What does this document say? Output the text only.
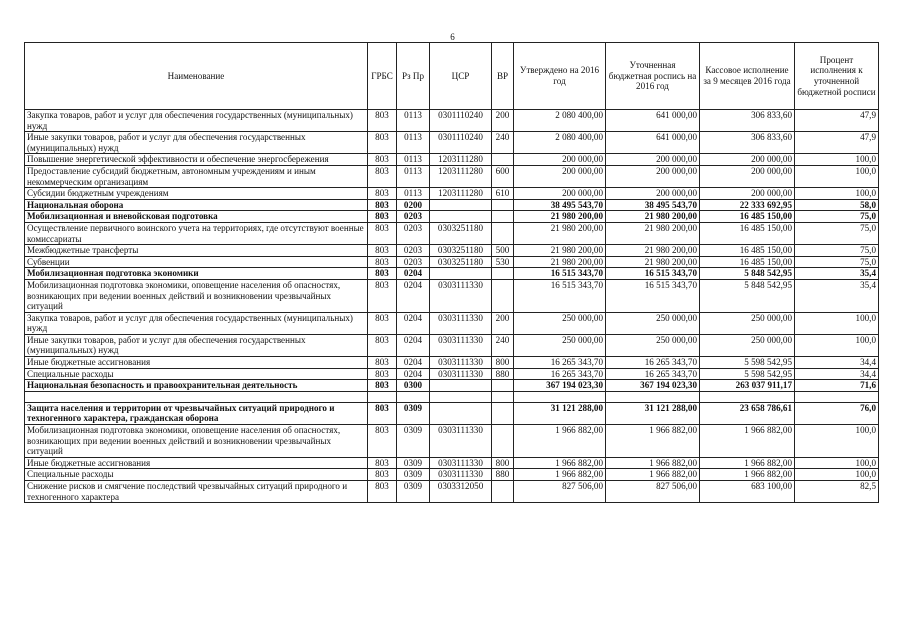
6
Наименование	ГРБС	Рз Пр	ЦСР	ВР	Утверждено на 2016 год	Уточненная бюджетная роспись на 2016 год	Кассовое исполнение за 9 месяцев 2016 года	Процент исполнения к уточненной бюджетной росписи
Закупка товаров, работ и услуг для обеспечения государственных (муниципальных) нужд	803	0113	0301110240	200	2 080 400,00	641 000,00	306 833,60	47,9
Иные закупки товаров, работ и услуг для обеспечения государственных (муниципальных) нужд	803	0113	0301110240	240	2 080 400,00	641 000,00	306 833,60	47,9
Повышение энергетической эффективности и обеспечение энергосбережения	803	0113	1203111280		200 000,00	200 000,00	200 000,00	100,0
Предоставление субсидий бюджетным, автономным учреждениям и иным некоммерческим организациям	803	0113	1203111280	600	200 000,00	200 000,00	200 000,00	100,0
Субсидии бюджетным учреждениям	803	0113	1203111280	610	200 000,00	200 000,00	200 000,00	100,0
Национальная оборона	803	0200			38 495 543,70	38 495 543,70	22 333 692,95	58,0
Мобилизационная и вневойсковая подготовка	803	0203			21 980 200,00	21 980 200,00	16 485 150,00	75,0
Осуществление первичного воинского учета на территориях, где отсутствуют военные комиссариаты	803	0203	0303251180		21 980 200,00	21 980 200,00	16 485 150,00	75,0
Межбюджетные трансферты	803	0203	0303251180	500	21 980 200,00	21 980 200,00	16 485 150,00	75,0
Субвенции	803	0203	0303251180	530	21 980 200,00	21 980 200,00	16 485 150,00	75,0
Мобилизационная подготовка экономики	803	0204			16 515 343,70	16 515 343,70	5 848 542,95	35,4
Мобилизационная подготовка экономики, оповещение населения об опасностях, возникающих при ведении военных действий и возникновении чрезвычайных ситуаций	803	0204	0303111330		16 515 343,70	16 515 343,70	5 848 542,95	35,4
Закупка товаров, работ и услуг для обеспечения государственных (муниципальных) нужд	803	0204	0303111330	200	250 000,00	250 000,00	250 000,00	100,0
Иные закупки товаров, работ и услуг для обеспечения государственных (муниципальных) нужд	803	0204	0303111330	240	250 000,00	250 000,00	250 000,00	100,0
Иные бюджетные ассигнования	803	0204	0303111330	800	16 265 343,70	16 265 343,70	5 598 542,95	34,4
Специальные расходы	803	0204	0303111330	880	16 265 343,70	16 265 343,70	5 598 542,95	34,4
Национальная безопасность и правоохранительная деятельность	803	0300			367 194 023,30	367 194 023,30	263 037 911,17	71,6

Защита населения и территории от чрезвычайных ситуаций природного и техногенного характера, гражданская оборона	803	0309			31 121 288,00	31 121 288,00	23 658 786,61	76,0
Мобилизационная подготовка экономики, оповещение населения об опасностях, возникающих при ведении военных действий и возникновении чрезвычайных ситуаций	803	0309	0303111330		1 966 882,00	1 966 882,00	1 966 882,00	100,0
Иные бюджетные ассигнования	803	0309	0303111330	800	1 966 882,00	1 966 882,00	1 966 882,00	100,0
Специальные расходы	803	0309	0303111330	880	1 966 882,00	1 966 882,00	1 966 882,00	100,0
Снижение рисков и смягчение последствий чрезвычайных ситуаций природного и техногенного характера	803	0309	0303312050		827 506,00	827 506,00	683 100,00	82,5
